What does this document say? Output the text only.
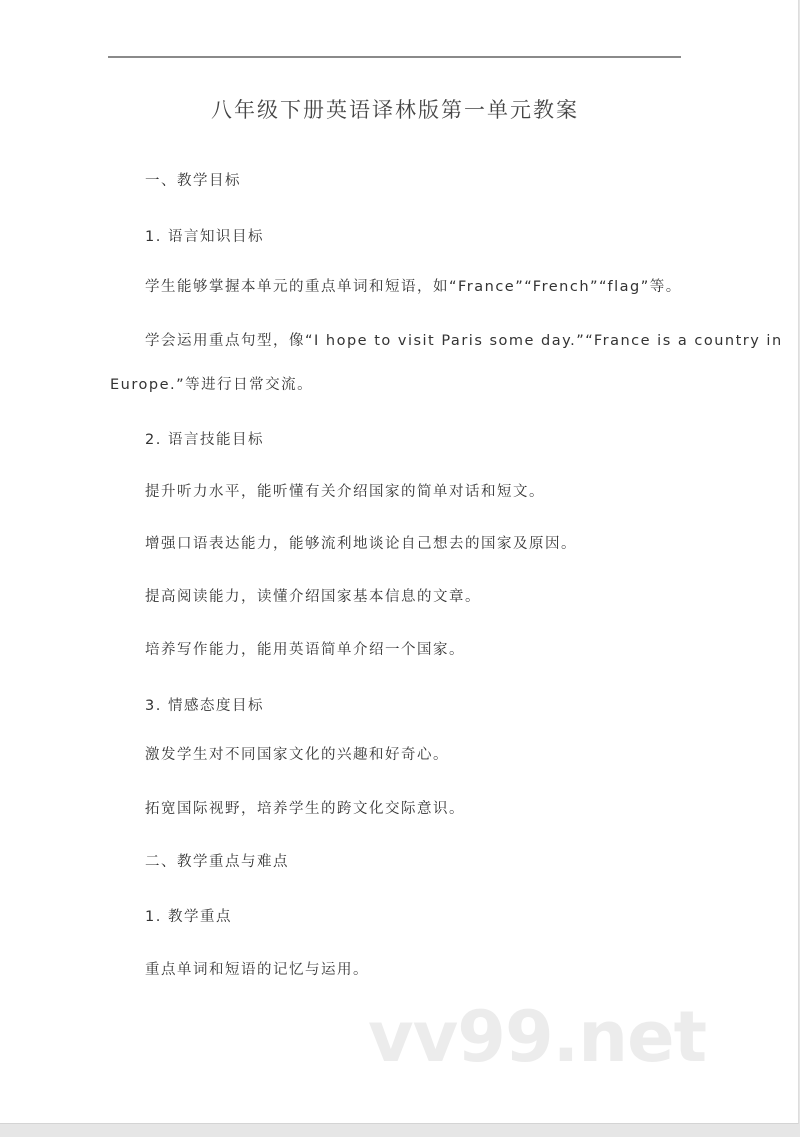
八年级下册英语译林版第一单元教案
一、教学目标
1. 语言知识目标
学生能够掌握本单元的重点单词和短语，如“France”“French”“flag”等。
学会运用重点句型，像“I hope to visit Paris some day.”“France is a country in
Europe.”等进行日常交流。
2. 语言技能目标
提升听力水平，能听懂有关介绍国家的简单对话和短文。
增强口语表达能力，能够流利地谈论自己想去的国家及原因。
提高阅读能力，读懂介绍国家基本信息的文章。
培养写作能力，能用英语简单介绍一个国家。
3. 情感态度目标
激发学生对不同国家文化的兴趣和好奇心。
拓宽国际视野，培养学生的跨文化交际意识。
二、教学重点与难点
1. 教学重点
重点单词和短语的记忆与运用。
vv99.net
